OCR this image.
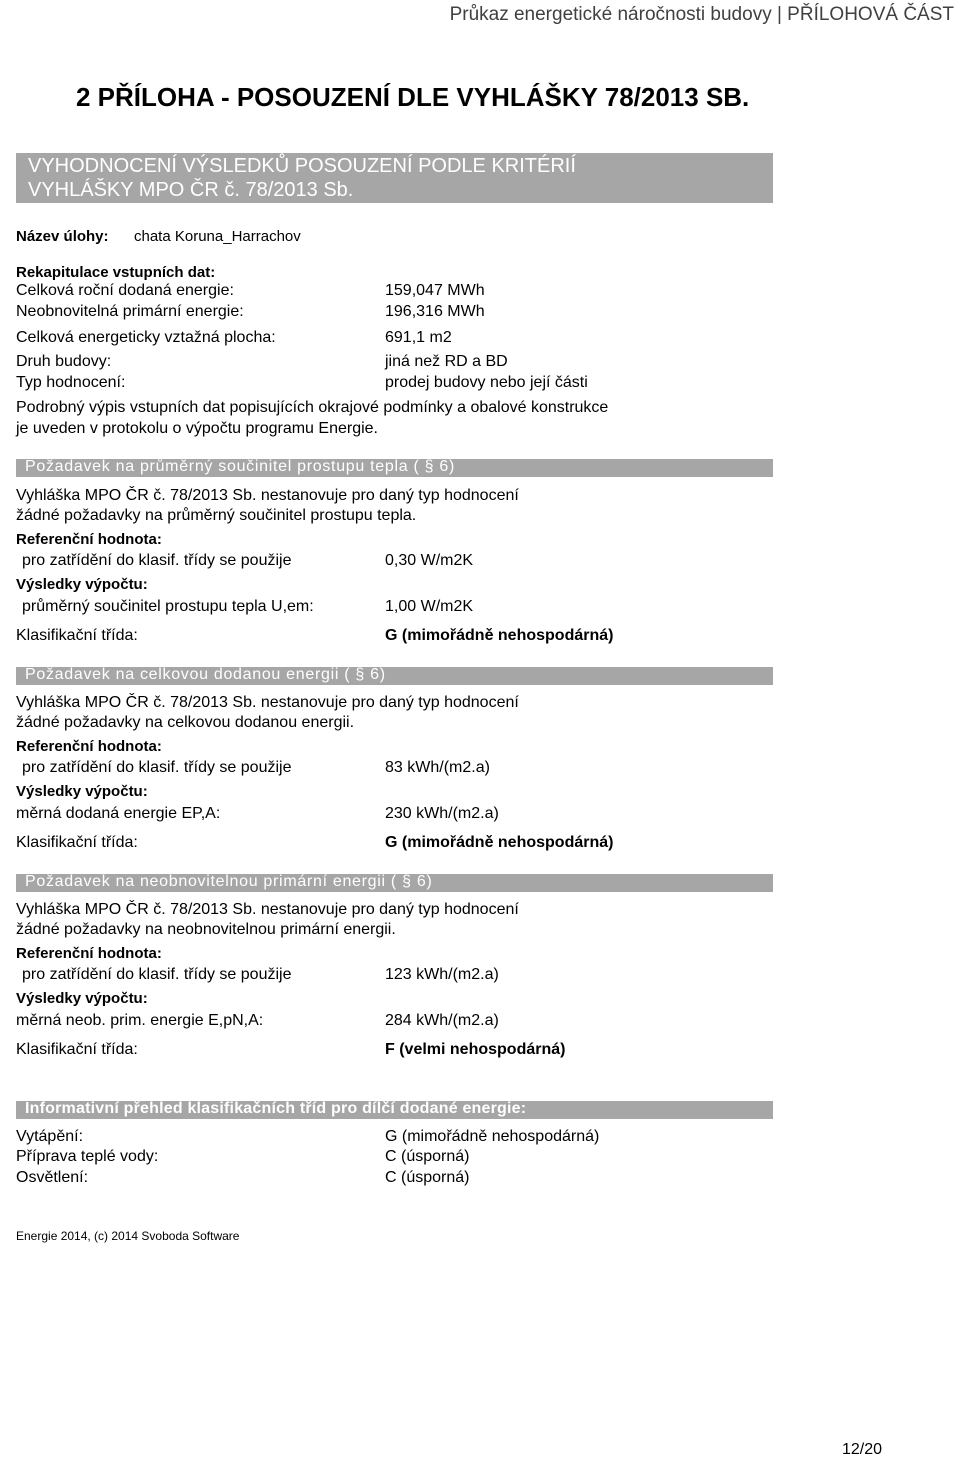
Průkaz energetické náročnosti budovy | PŘÍLOHOVÁ ČÁST
2 PŘÍLOHA - POSOUZENÍ DLE VYHLÁŠKY 78/2013 SB.
VYHODNOCENÍ VÝSLEDKŮ POSOUZENÍ PODLE KRITÉRIÍ
VYHLÁŠKY MPO ČR č. 78/2013 Sb.
Název úlohy: chata Koruna_Harrachov
Rekapitulace vstupních dat:
Celková roční dodaná energie:	159,047 MWh
Neobnovitelná primární energie:	196,316 MWh
Celková energeticky vztažná plocha:	691,1 m2
Druh budovy:	jiná než RD a BD
Typ hodnocení:	prodej budovy nebo její části
Podrobný výpis vstupních dat popisujících okrajové podmínky a obalové konstrukce
je uveden v protokolu o výpočtu programu Energie.
Požadavek na průměrný součinitel prostupu tepla ( § 6)
Vyhláška MPO ČR č. 78/2013 Sb. nestanovuje pro daný typ hodnocení
žádné požadavky na průměrný součinitel prostupu tepla.
Referenční hodnota:
pro zatřídění do klasif. třídy se použije	0,30 W/m2K
Výsledky výpočtu:
průměrný součinitel prostupu tepla U,em:	1,00 W/m2K
Klasifikační třída:	G (mimořádně nehospodárná)
Požadavek na celkovou dodanou energii ( § 6)
Vyhláška MPO ČR č. 78/2013 Sb. nestanovuje pro daný typ hodnocení
žádné požadavky na celkovou dodanou energii.
Referenční hodnota:
pro zatřídění do klasif. třídy se použije	83 kWh/(m2.a)
Výsledky výpočtu:
měrná dodaná energie EP,A:	230 kWh/(m2.a)
Klasifikační třída:	G (mimořádně nehospodárná)
Požadavek na neobnovitelnou primární energii ( § 6)
Vyhláška MPO ČR č. 78/2013 Sb. nestanovuje pro daný typ hodnocení
žádné požadavky na neobnovitelnou primární energii.
Referenční hodnota:
pro zatřídění do klasif. třídy se použije	123 kWh/(m2.a)
Výsledky výpočtu:
měrná neob. prim. energie E,pN,A:	284 kWh/(m2.a)
Klasifikační třída:	F (velmi nehospodárná)
Informativní přehled klasifikačních tříd pro dílčí dodané energie:
Vytápění:	G (mimořádně nehospodárná)
Příprava teplé vody:	C (úsporná)
Osvětlení:	C (úsporná)
Energie 2014, (c) 2014 Svoboda Software
12/20
